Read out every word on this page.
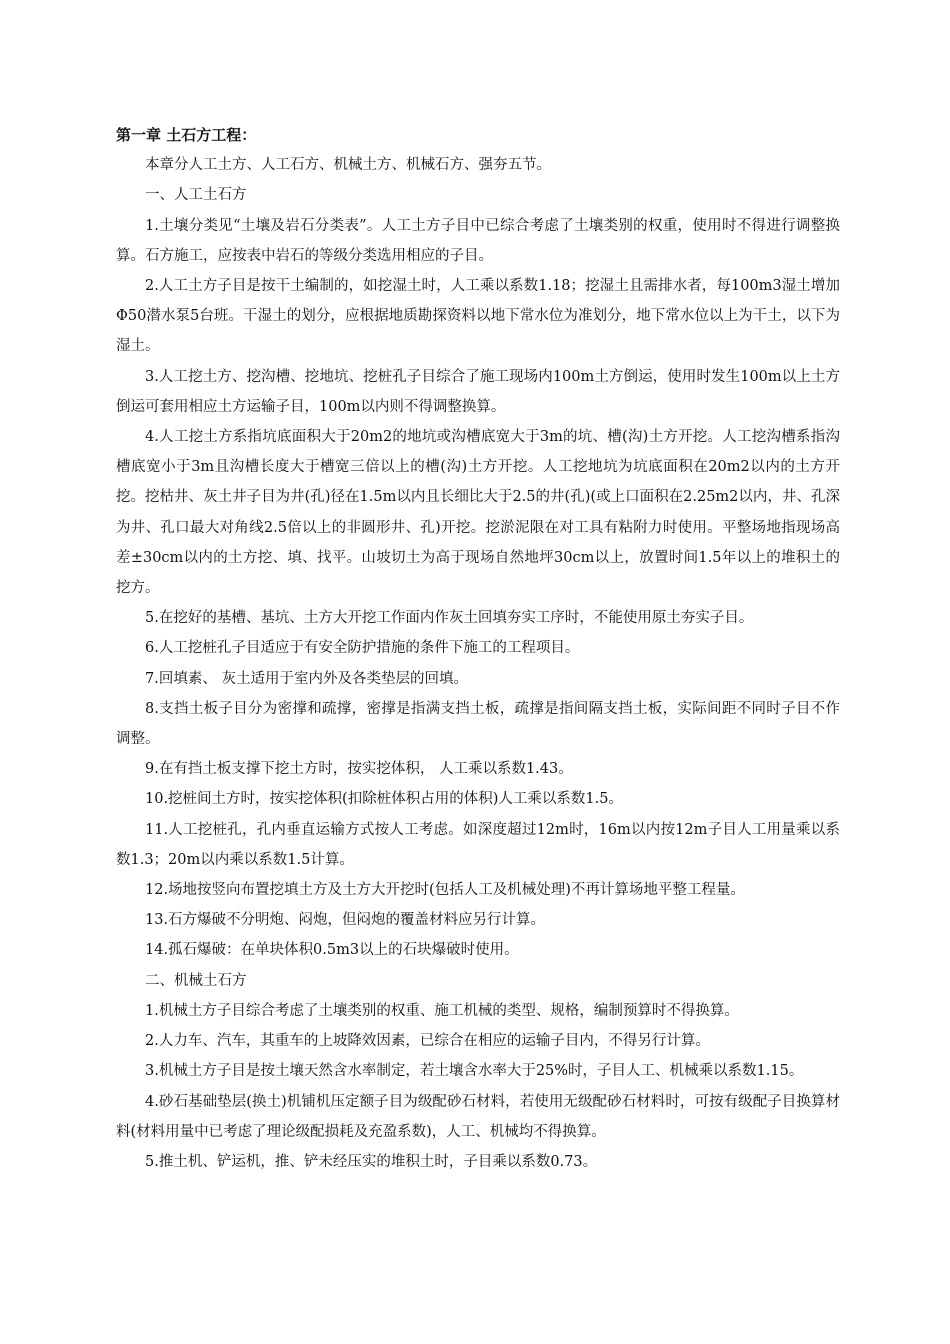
第一章 土石方工程：

本章分人工土方、人工石方、机械土方、机械石方、强夯五节。

一、人工土石方

1.土壤分类见“土壤及岩石分类表”。人工土方子目中已综合考虑了土壤类别的权重，使用时不得进行调整换算。石方施工，应按表中岩石的等级分类选用相应的子目。

2.人工土方子目是按干土编制的，如挖湿土时，人工乘以系数1.18；挖湿土且需排水者，每100m3湿土增加Φ50潜水泵5台班。干湿土的划分，应根据地质勘探资料以地下常水位为准划分，地下常水位以上为干土，以下为湿土。

3.人工挖土方、挖沟槽、挖地坑、挖桩孔子目综合了施工现场内100m土方倒运，使用时发生100m以上土方倒运可套用相应土方运输子目，100m以内则不得调整换算。

4.人工挖土方系指坑底面积大于20m2的地坑或沟槽底宽大于3m的坑、槽(沟)土方开挖。人工挖沟槽系指沟槽底宽小于3m且沟槽长度大于槽宽三倍以上的槽(沟)土方开挖。人工挖地坑为坑底面积在20m2以内的土方开挖。挖枯井、灰土井子目为井(孔)径在1.5m以内且长细比大于2.5的井(孔)(或上口面积在2.25m2以内，井、孔深为井、孔口最大对角线2.5倍以上的非圆形井、孔)开挖。挖淤泥限在对工具有粘附力时使用。平整场地指现场高差±30cm以内的土方挖、填、找平。山坡切土为高于现场自然地坪30cm以上，放置时间1.5年以上的堆积土的挖方。

5.在挖好的基槽、基坑、土方大开挖工作面内作灰土回填夯实工序时，不能使用原土夯实子目。

6.人工挖桩孔子目适应于有安全防护措施的条件下施工的工程项目。

7.回填素、 灰土适用于室内外及各类垫层的回填。

8.支挡土板子目分为密撑和疏撑，密撑是指满支挡土板，疏撑是指间隔支挡土板，实际间距不同时子目不作调整。

9.在有挡土板支撑下挖土方时，按实挖体积， 人工乘以系数1.43。

10.挖桩间土方时，按实挖体积(扣除桩体积占用的体积)人工乘以系数1.5。

11.人工挖桩孔，孔内垂直运输方式按人工考虑。如深度超过12m时，16m以内按12m子目人工用量乘以系数1.3；20m以内乘以系数1.5计算。

12.场地按竖向布置挖填土方及土方大开挖时(包括人工及机械处理)不再计算场地平整工程量。

13.石方爆破不分明炮、闷炮，但闷炮的覆盖材料应另行计算。

14.孤石爆破：在单块体积0.5m3以上的石块爆破时使用。

二、机械土石方

1.机械土方子目综合考虑了土壤类别的权重、施工机械的类型、规格，编制预算时不得换算。

2.人力车、汽车，其重车的上坡降效因素，已综合在相应的运输子目内，不得另行计算。

3.机械土方子目是按土壤天然含水率制定，若土壤含水率大于25%时，子目人工、机械乘以系数1.15。

4.砂石基础垫层(换土)机铺机压定额子目为级配砂石材料，若使用无级配砂石材料时，可按有级配子目换算材料(材料用量中已考虑了理论级配损耗及充盈系数)，人工、机械均不得换算。

5.推土机、铲运机，推、铲未经压实的堆积土时，子目乘以系数0.73。
